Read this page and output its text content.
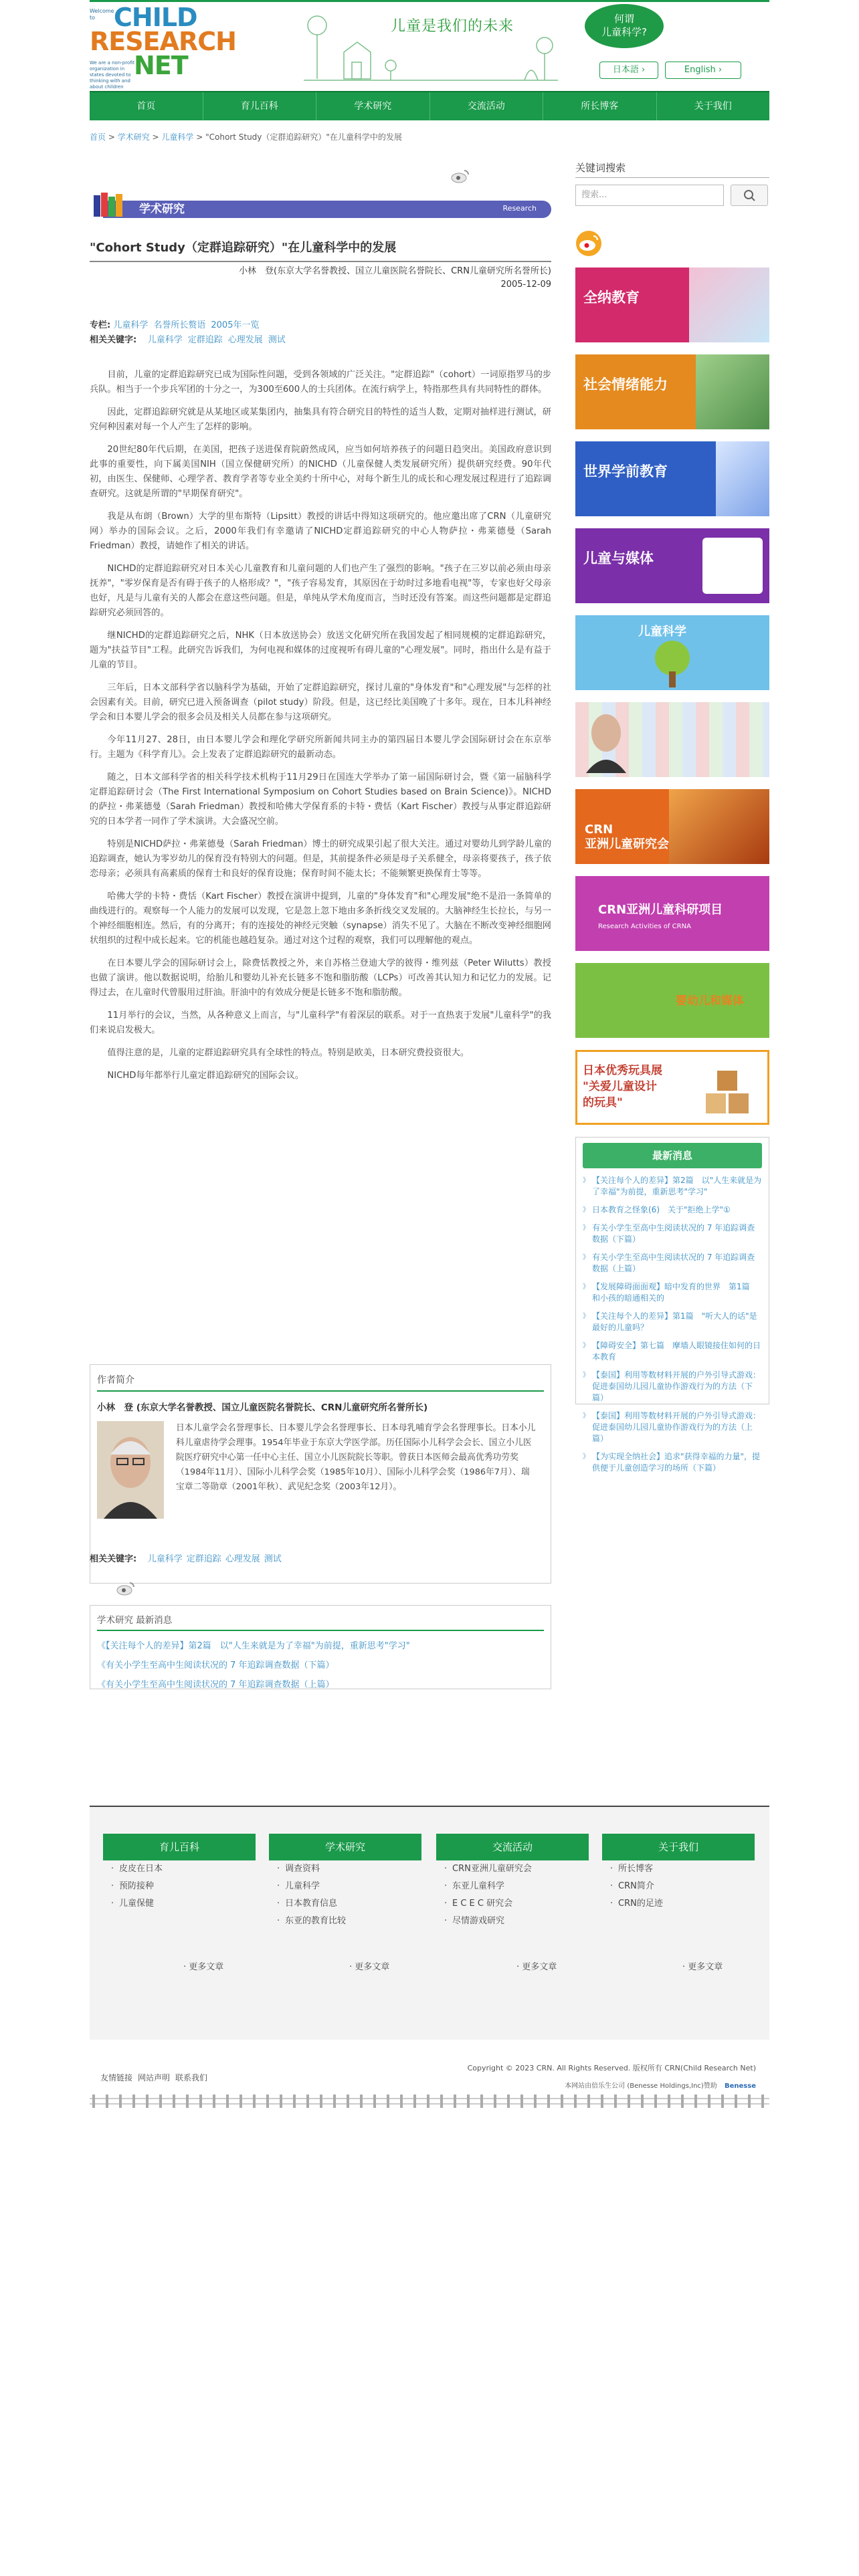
Welcome to CHILD
RESEARCH
NET
We are a non-profit organization in states devoted to thinking with and about children
儿童是我们的未来	何谓
儿童科学?
日本語 ›	English ›
首页	育儿百科	学术研究	交流活动	所长博客	关于我们
首页 > 学术研究 > 儿童科学 > "Cohort Study（定群追踪研究）"在儿童科学中的发展
学术研究	Research
"Cohort Study（定群追踪研究）"在儿童科学中的发展
小林　登(东京大学名誉教授、国立儿童医院名誉院长、CRN儿童研究所名誉所长)
2005-12-09
专栏: 儿童科学 名誉所长赘语 2005年一览
相关关键字: 儿童科学 定群追踪 心理发展 测试

目前，儿童的定群追踪研究已成为国际性问题，受到各领域的广泛关注。"定群追踪"（cohort）一词原指罗马的步兵队。相当于一个步兵军团的十分之一，为300至600人的士兵团体。在流行病学上，特指那些具有共同特性的群体。

因此，定群追踪研究就是从某地区或某集团内，抽集具有符合研究目的特性的适当人数，定期对抽样进行测试，研究何种因素对每一个人产生了怎样的影响。

20世纪80年代后期，在美国，把孩子送进保育院蔚然成风，应当如何培养孩子的问题日趋突出。美国政府意识到此事的重要性，向下属美国NIH（国立保健研究所）的NICHD（儿童保健人类发展研究所）提供研究经费。90年代初，由医生、保健师、心理学者、教育学者等专业全美约十所中心，对每个新生儿的成长和心理发展过程进行了追踪调查研究。这就是所谓的"早期保育研究"。

我是从布朗（Brown）大学的里布斯特（Lipsitt）教授的讲话中得知这项研究的。他应邀出席了CRN（儿童研究网）举办的国际会议。之后，2000年我们有幸邀请了NICHD定群追踪研究的中心人物萨拉・弗莱德曼（Sarah Friedman）教授，请她作了相关的讲话。

NICHD的定群追踪研究对日本关心儿童教育和儿童问题的人们也产生了强烈的影响。"孩子在三岁以前必须由母亲抚养"，"零岁保育是否有碍于孩子的人格形成？"，"孩子容易发育，其原因在于幼时过多地看电视"等，专家也好父母亲也好，凡是与儿童有关的人都会在意这些问题。但是，单纯从学术角度而言，当时还没有答案。而这些问题都是定群追踪研究必须回答的。

继NICHD的定群追踪研究之后，NHK（日本放送协会）放送文化研究所在我国发起了相同规模的定群追踪研究，题为"扶益节目"工程。此研究告诉我们，为何电视和媒体的过度视听有碍儿童的"心理发展"。同时，指出什么是有益于儿童的节目。

三年后，日本文部科学省以脑科学为基础，开始了定群追踪研究，探讨儿童的"身体发育"和"心理发展"与怎样的社会因素有关。目前，研究已进入预备调查（pilot study）阶段。但是，这已经比美国晚了十多年。现在，日本儿科神经学会和日本婴儿学会的很多会员及相关人员都在参与这项研究。

今年11月27、28日，由日本婴儿学会和理化学研究所新闻共同主办的第四届日本婴儿学会国际研讨会在东京举行。主题为《科学育儿》。会上发表了定群追踪研究的最新动态。

随之，日本文部科学省的相关科学技术机构于11月29日在国连大学举办了第一届国际研讨会，暨《第一届脑科学定群追踪研讨会（The First International Symposium on Cohort Studies based on Brain Science)》。NICHD的萨拉・弗莱德曼（Sarah Friedman）教授和哈佛大学保育系的卡特・费恬（Kart Fischer）教授与从事定群追踪研究的日本学者一同作了学术演讲。大会盛况空前。

特别是NICHD萨拉・弗莱德曼（Sarah Friedman）博士的研究成果引起了很大关注。通过对婴幼儿到学龄儿童的追踪调查，她认为零岁幼儿的保育没有特别大的问题。但是，其前提条件必须是母子关系健全，母亲将要孩子，孩子依恋母亲；必须具有高素质的保育士和良好的保育设施；保育时间不能太长；不能频繁更换保育士等等。

哈佛大学的卡特・费恬（Kart Fischer）教授在演讲中提到，儿童的"身体发育"和"心理发展"绝不是沿一条简单的曲线进行的。观察每一个人能力的发展可以发现，它是忽上忽下地由多条折线交叉发展的。大脑神经生长拉长，与另一个神经细胞相连。然后，有的分离开；有的连接处的神经元突触（synapse）消失不见了。大脑在不断改变神经细胞网状组织的过程中成长起来。它的机能也越趋复杂。通过对这个过程的观察，我们可以理解他的观点。

在日本婴儿学会的国际研讨会上，除费恬教授之外，来自苏格兰登迪大学的彼得・维列兹（Peter Wilutts）教授也做了演讲。他以数据说明，给胎儿和婴幼儿补充长链多不饱和脂肪酸（LCPs）可改善其认知力和记忆力的发展。记得过去，在儿童时代曾服用过肝油。肝油中的有效成分便是长链多不饱和脂肪酸。

11月举行的会议，当然，从各种意义上而言，与"儿童科学"有着深层的联系。对于一直热衷于发展"儿童科学"的我们来说启发极大。

值得注意的是，儿童的定群追踪研究具有全球性的特点。特别是欧美，日本研究费投资很大。

NICHD每年都举行儿童定群追踪研究的国际会议。

作者简介
小林　登 (东京大学名誉教授、国立儿童医院名誉院长、CRN儿童研究所名誉所长)
日本儿童学会名誉理事长、日本婴儿学会名誉理事长、日本母乳哺育学会名誉理事长。日本小儿科儿童虐待学会理事。1954年毕业于东京大学医学部。历任国际小儿科学会会长、国立小儿医院医疗研究中心第一任中心主任、国立小儿医院院长等职。曾获日本医师会最高优秀功劳奖（1984年11月）、国际小儿科学会奖（1985年10月）、国际小儿科学会奖（1986年7月）、瑞宝章二等勋章（2001年秋）、武见纪念奖（2003年12月）。
相关关键字: 儿童科学 定群追踪 心理发展 测试
学术研究 最新消息
《 【关注每个人的差异】第2篇　以"人生来就是为了幸福"为前提，重新思考"学习"
《 有关小学生至高中生阅读状况的 7 年追踪调查数据（下篇）
《 有关小学生至高中生阅读状况的 7 年追踪调查数据（上篇）
关键词搜索
搜索...
全纳教育
社会情绪能力
世界学前教育
儿童与媒体
儿童科学
CRN
亚洲儿童研究会
CRN亚洲儿童科研项目
Research Activities of CRNA
婴幼儿和媒体
日本优秀玩具展
"关爱儿童设计
的玩具"
最新消息
》 【关注每个人的差异】第2篇　以"人生来就是为了幸福"为前提，重新思考"学习"
》 日本教育之怪象(6)　关于"拒绝上学"①
》 有关小学生至高中生阅读状况的 7 年追踪调查数据（下篇）
》 有关小学生至高中生阅读状况的 7 年追踪调查数据（上篇）
》 【发展障碍面面观】暗中发育的世界　第1篇　和小孩的暗通相关的
》 【关注每个人的差异】第1篇　"听大人的话"是最好的儿童吗？
》 【障碍安全】第七篇　摩墙人眼镜接住如何的日本教育
》 【泰国】利用等数材料开展的户外引导式游戏：促进泰国幼儿园儿童协作游戏行为的方法（下篇）
》 【泰国】利用等数材料开展的户外引导式游戏：促进泰国幼儿园儿童协作游戏行为的方法（上篇）
》 【为实现全纳社会】追求"获得幸福的力量"，提供便于儿童创造学习的场所（下篇）
育儿百科
· 皮皮在日本
· 预防接种
· 儿童保健
学术研究
· 调查资料
· 儿童科学
· 日本教育信息
· 东亚的教育比较
交流活动
· CRN亚洲儿童研究会
· 东亚儿童科学
· E C E C 研究会
· 尽情游戏研究
关于我们
· 所长博客
· CRN简介
· CRN的足迹
· 更多文章	· 更多文章	· 更多文章	· 更多文章
友情链接 网站声明 联系我们
Copyright © 2023 CRN. All Rights Reserved. 版权所有 CRN(Child Research Net)
本网站由倍乐生公司 (Benesse Holdings,Inc)赞助 Benesse
